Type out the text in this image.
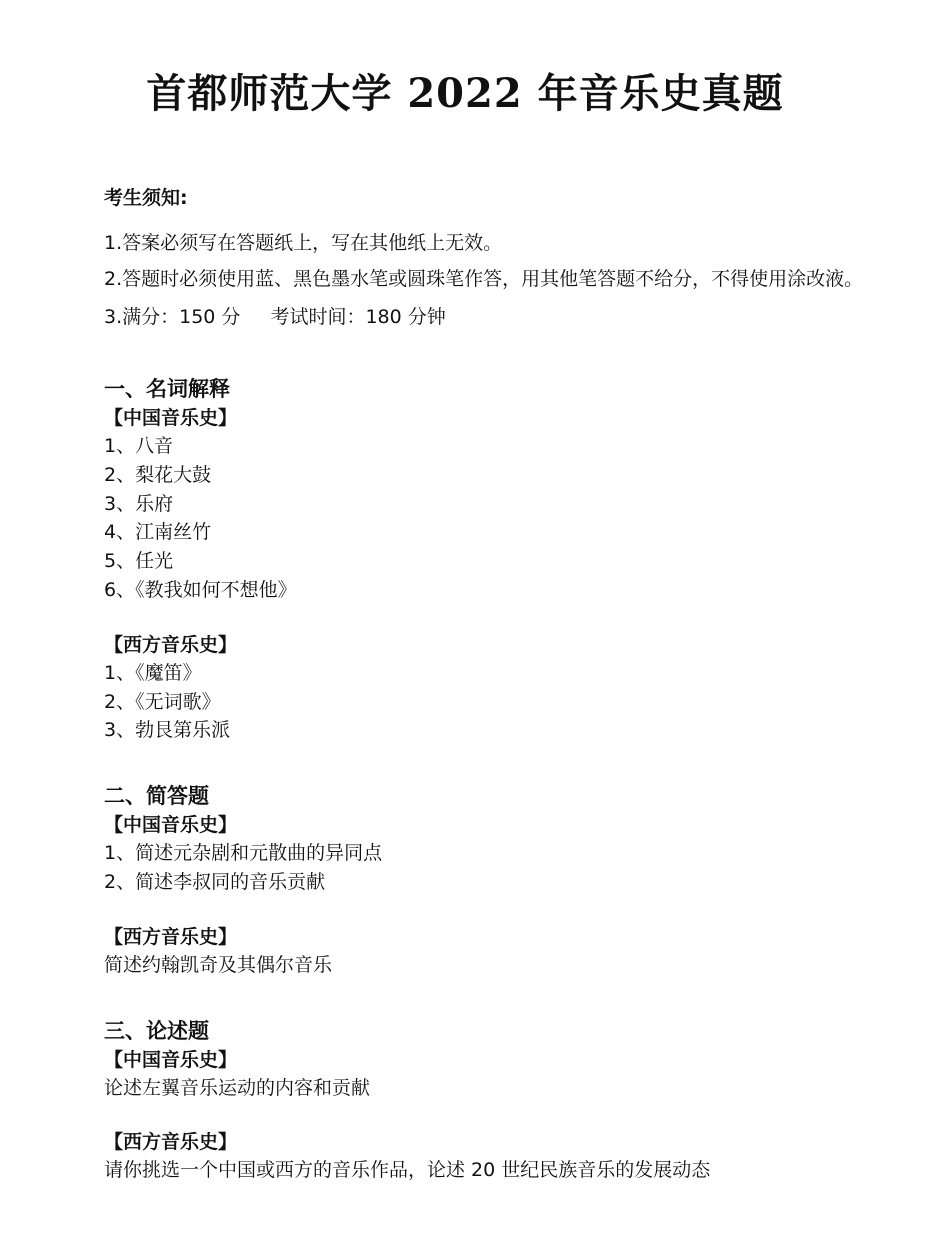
首都师范大学 2022 年音乐史真题

考生须知:

1.答案必须写在答题纸上，写在其他纸上无效。

2.答题时必须使用蓝、黑色墨水笔或圆珠笔作答，用其他笔答题不给分，不得使用涂改液。

3.满分：150 分 考试时间：180 分钟

一、名词解释

【中国音乐史】

1、八音
2、梨花大鼓
3、乐府
4、江南丝竹
5、任光
6、《教我如何不想他》

【西方音乐史】

1、《魔笛》
2、《无词歌》
3、勃艮第乐派

二、简答题

【中国音乐史】

1、简述元杂剧和元散曲的异同点
2、简述李叔同的音乐贡献

【西方音乐史】

简述约翰凯奇及其偶尔音乐

三、论述题

【中国音乐史】

论述左翼音乐运动的内容和贡献

【西方音乐史】

请你挑选一个中国或西方的音乐作品，论述 20 世纪民族音乐的发展动态
